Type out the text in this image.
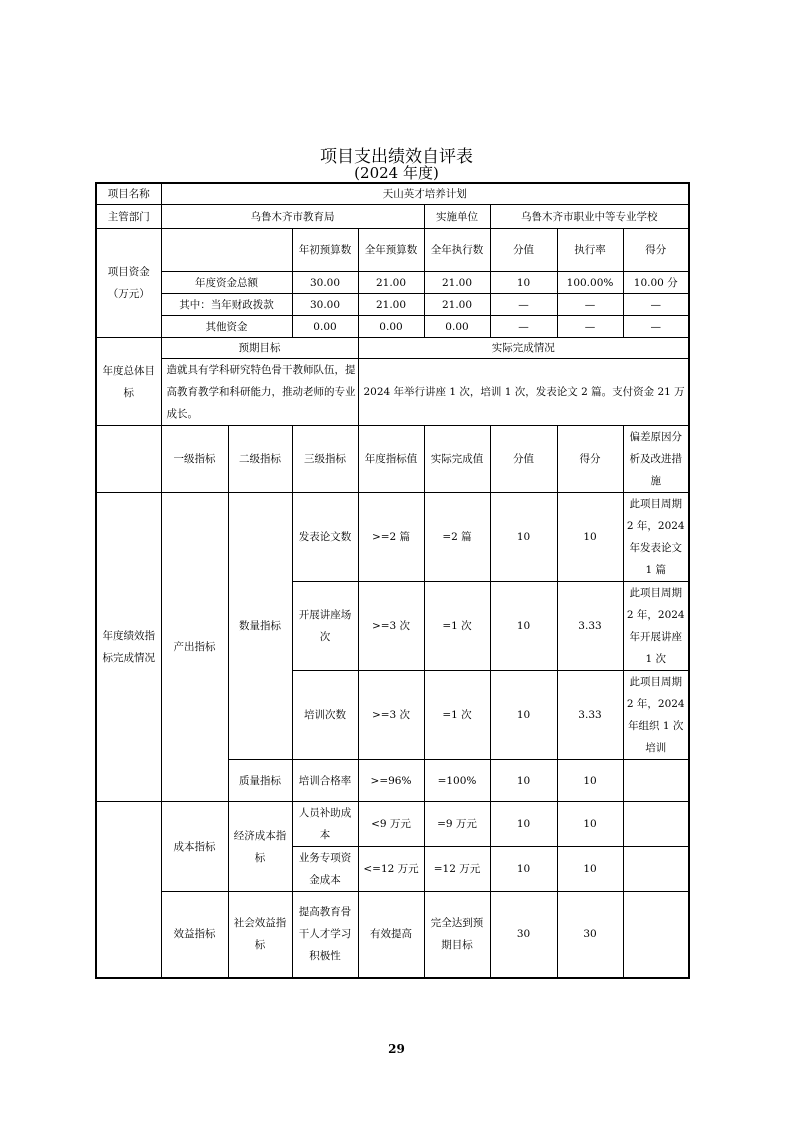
项目支出绩效自评表
(2024 年度)
项目名称	天山英才培养计划							
主管部门	乌鲁木齐市教育局				实施单位	乌鲁木齐市职业中等专业学校		
项目资金（万元）			年初预算数	全年预算数	全年执行数	分值	执行率	得分
	年度资金总额		30.00	21.00	21.00	10	100.00%	10.00 分
	其中：当年财政拨款		30.00	21.00	21.00	—	—	—
	其他资金		0.00	0.00	0.00	—	—	—
年度总体目标	预期目标			实际完成情况				
	造就具有学科研究特色骨干教师队伍，提高教育教学和科研能力，推动老师的专业成长。			2024 年举行讲座 1 次，培训 1 次，发表论文 2 篇。支付资金 21 万				
	一级指标	二级指标	三级指标	年度指标值	实际完成值	分值	得分	偏差原因分析及改进措施
年度绩效指标完成情况	产出指标	数量指标	发表论文数	>=2 篇	=2 篇	10	10	此项目周期 2 年，2024 年发表论文 1 篇
			开展讲座场次	>=3 次	=1 次	10	3.33	此项目周期 2 年，2024 年开展讲座 1 次
			培训次数	>=3 次	=1 次	10	3.33	此项目周期 2 年，2024 年组织 1 次培训
		质量指标	培训合格率	>=96%	=100%	10	10	
	成本指标	经济成本指标	人员补助成本	<9 万元	=9 万元	10	10	
			业务专项资金成本	<=12 万元	=12 万元	10	10	
	效益指标	社会效益指标	提高教育骨干人才学习积极性	有效提高	完全达到预期目标	30	30	
29
